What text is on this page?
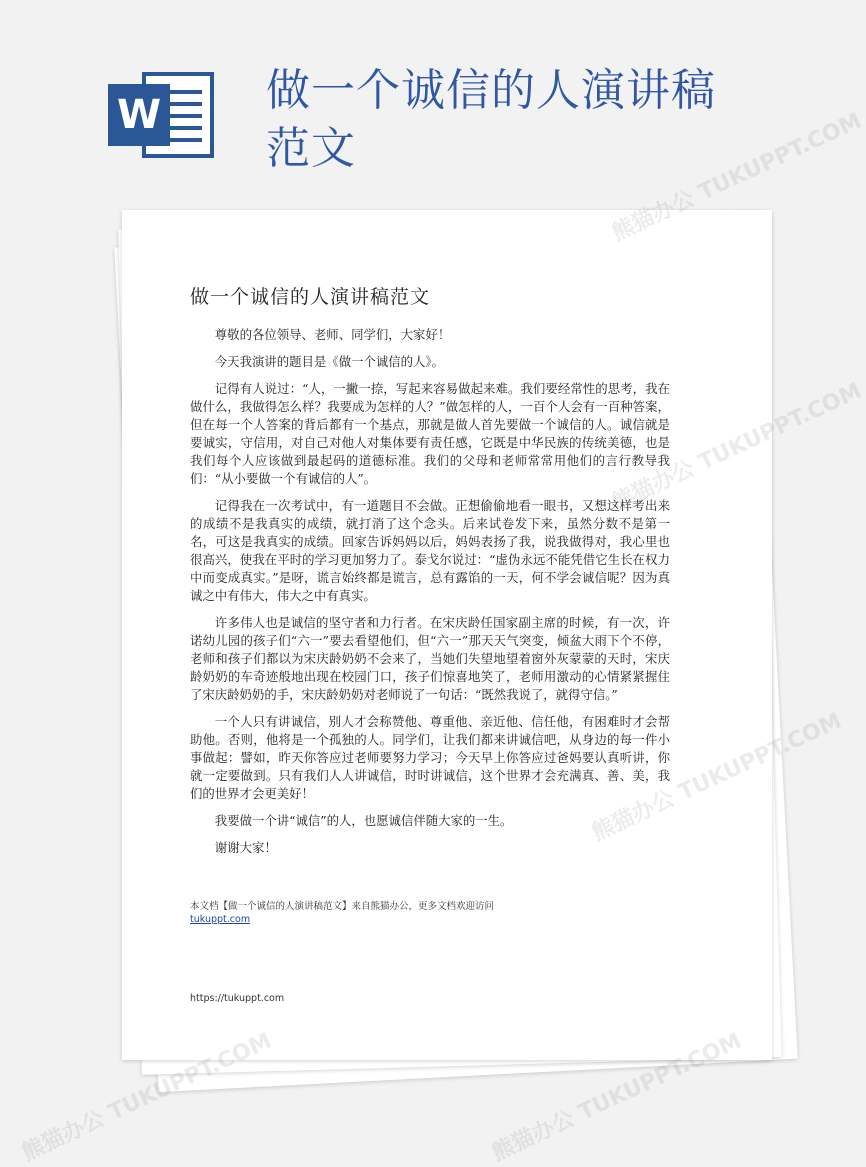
W 做一个诚信的人演讲稿
范文
做一个诚信的人演讲稿范文

尊敬的各位领导、老师、同学们，大家好！

今天我演讲的题目是《做一个诚信的人》。

记得有人说过：“人，一撇一捺，写起来容易做起来难。我们要经常性的思考，我在做什么，我做得怎么样？我要成为怎样的人？”做怎样的人，一百个人会有一百种答案，但在每一个人答案的背后都有一个基点，那就是做人首先要做一个诚信的人。诚信就是要诚实，守信用，对自己对他人对集体要有责任感，它既是中华民族的传统美德，也是我们每个人应该做到最起码的道德标准。我们的父母和老师常常用他们的言行教导我们：“从小要做一个有诚信的人”。

记得我在一次考试中，有一道题目不会做。正想偷偷地看一眼书，又想这样考出来的成绩不是我真实的成绩，就打消了这个念头。后来试卷发下来，虽然分数不是第一名，可这是我真实的成绩。回家告诉妈妈以后，妈妈表扬了我，说我做得对，我心里也很高兴，使我在平时的学习更加努力了。泰戈尔说过：“虚伪永远不能凭借它生长在权力中而变成真实。”是呀，谎言始终都是谎言，总有露馅的一天，何不学会诚信呢？因为真诚之中有伟大，伟大之中有真实。

许多伟人也是诚信的坚守者和力行者。在宋庆龄任国家副主席的时候，有一次，许诺幼儿园的孩子们“六一”要去看望他们，但“六一”那天天气突变，倾盆大雨下个不停，老师和孩子们都以为宋庆龄奶奶不会来了，当她们失望地望着窗外灰蒙蒙的天时，宋庆龄奶奶的车奇迹般地出现在校园门口，孩子们惊喜地笑了，老师用激动的心情紧紧握住了宋庆龄奶奶的手，宋庆龄奶奶对老师说了一句话：“既然我说了，就得守信。”

一个人只有讲诚信，别人才会称赞他、尊重他、亲近他、信任他，有困难时才会帮助他。否则，他将是一个孤独的人。同学们，让我们都来讲诚信吧，从身边的每一件小事做起：譬如，昨天你答应过老师要努力学习；今天早上你答应过爸妈要认真听讲，你就一定要做到。只有我们人人讲诚信，时时讲诚信，这个世界才会充满真、善、美，我们的世界才会更美好！

我要做一个讲“诚信”的人，也愿诚信伴随大家的一生。

谢谢大家！

本文档【做一个诚信的人演讲稿范文】来自熊猫办公，更多文档欢迎访问
tukuppt.com
https://tukuppt.com
熊猫办公 TUKUPPT.COM
TUKUPPT.COM
熊猫办公 TUKUPPT.COM	熊猫办公 TUKUPPT.COM
